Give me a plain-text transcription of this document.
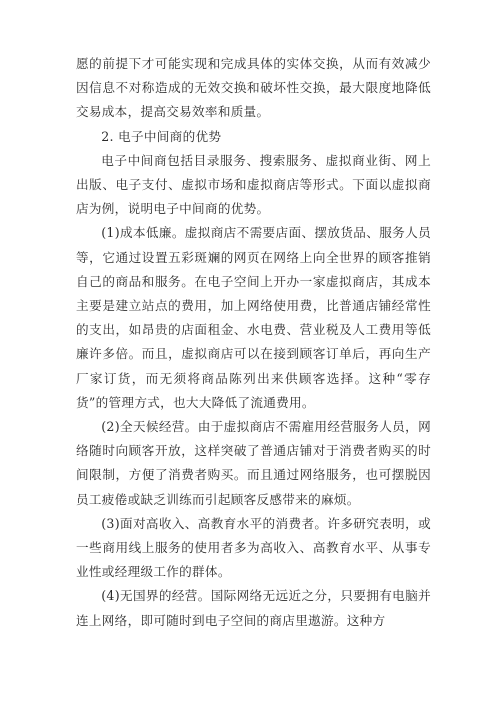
愿的前提下才可能实现和完成具体的实体交换，从而有效减少因信息不对称造成的无效交换和破坏性交换，最大限度地降低交易成本，提高交易效率和质量。

2. 电子中间商的优势

电子中间商包括目录服务、搜索服务、虚拟商业街、网上出版、电子支付、虚拟市场和虚拟商店等形式。下面以虚拟商店为例，说明电子中间商的优势。

(1)成本低廉。虚拟商店不需要店面、摆放货品、服务人员等，它通过设置五彩斑斓的网页在网络上向全世界的顾客推销自己的商品和服务。在电子空间上开办一家虚拟商店，其成本主要是建立站点的费用，加上网络使用费，比普通店铺经常性的支出，如昂贵的店面租金、水电费、营业税及人工费用等低廉许多倍。而且，虚拟商店可以在接到顾客订单后，再向生产厂家订货，而无须将商品陈列出来供顾客选择。这种“零存货”的管理方式，也大大降低了流通费用。

(2)全天候经营。由于虚拟商店不需雇用经营服务人员，网络随时向顾客开放，这样突破了普通店铺对于消费者购买的时间限制，方便了消费者购买。而且通过网络服务，也可摆脱因员工疲倦或缺乏训练而引起顾客反感带来的麻烦。

(3)面对高收入、高教育水平的消费者。许多研究表明，或一些商用线上服务的使用者多为高收入、高教育水平、从事专业性或经理级工作的群体。

(4)无国界的经营。国际网络无远近之分，只要拥有电脑并连上网络，即可随时到电子空间的商店里遨游。这种方
